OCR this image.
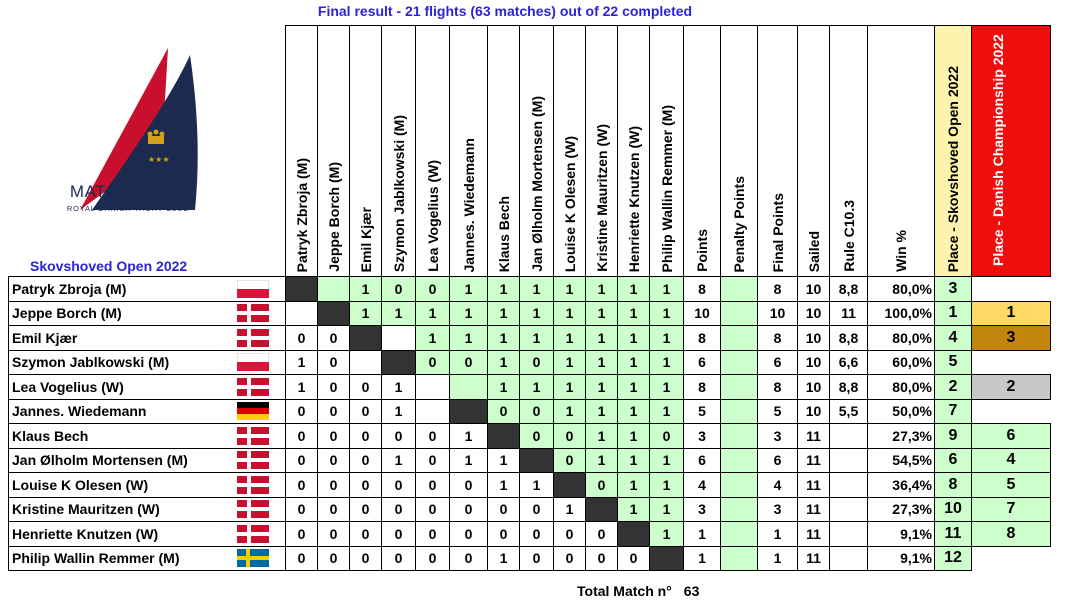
Final result - 21 flights (63 matches) out of 22 completed
★★★
MATCH RACE
ROYAL DANISH YACHT CLUB
Skovshoved Open 2022

		Patryk Zbroja (M)	Jeppe Borch (M)	Emil Kjær	Szymon Jablkowski (M)	Lea Vogelius (W)	Jannes. Wiedemann	Klaus Bech	Jan Ølholm Mortensen (M)	Louise K Olesen (W)	Kristine Mauritzen (W)	Henriette Knutzen (W)	Philip Wallin Remmer (M)	Points	Penalty Points	Final Points	Sailed	Rule C10.3	Win %	Place - Skovshoved Open 2022	Place - Danish Championship 2022

Patryk Zbroja (M)				1	0	0	1	1	1	1	1	1	1	8		8	10	8,8	80,0%	3	
Jeppe Borch (M)				1	1	1	1	1	1	1	1	1	1	10		10	10	11	100,0%	1	1
Emil Kjær		0	0			1	1	1	1	1	1	1	1	8		8	10	8,8	80,0%	4	3
Szymon Jablkowski (M)		1	0			0	0	1	0	1	1	1	1	6		6	10	6,6	60,0%	5	
Lea Vogelius (W)		1	0	0	1			1	1	1	1	1	1	8		8	10	8,8	80,0%	2	2
Jannes. Wiedemann		0	0	0	1			0	0	1	1	1	1	5		5	10	5,5	50,0%	7	
Klaus Bech		0	0	0	0	0	1		0	0	1	1	0	3		3	11		27,3%	9	6
Jan Ølholm Mortensen (M)		0	0	0	1	0	1	1		0	1	1	1	6		6	11		54,5%	6	4
Louise K Olesen (W)		0	0	0	0	0	0	1	1		0	1	1	4		4	11		36,4%	8	5
Kristine Mauritzen (W)		0	0	0	0	0	0	0	0	1		1	1	3		3	11		27,3%	10	7
Henriette Knutzen (W)		0	0	0	0	0	0	0	0	0	0		1	1		1	11		9,1%	11	8
Philip Wallin Remmer (M)		0	0	0	0	0	0	1	0	0	0	0		1		1	11		9,1%	12	
Total Match n° 63
